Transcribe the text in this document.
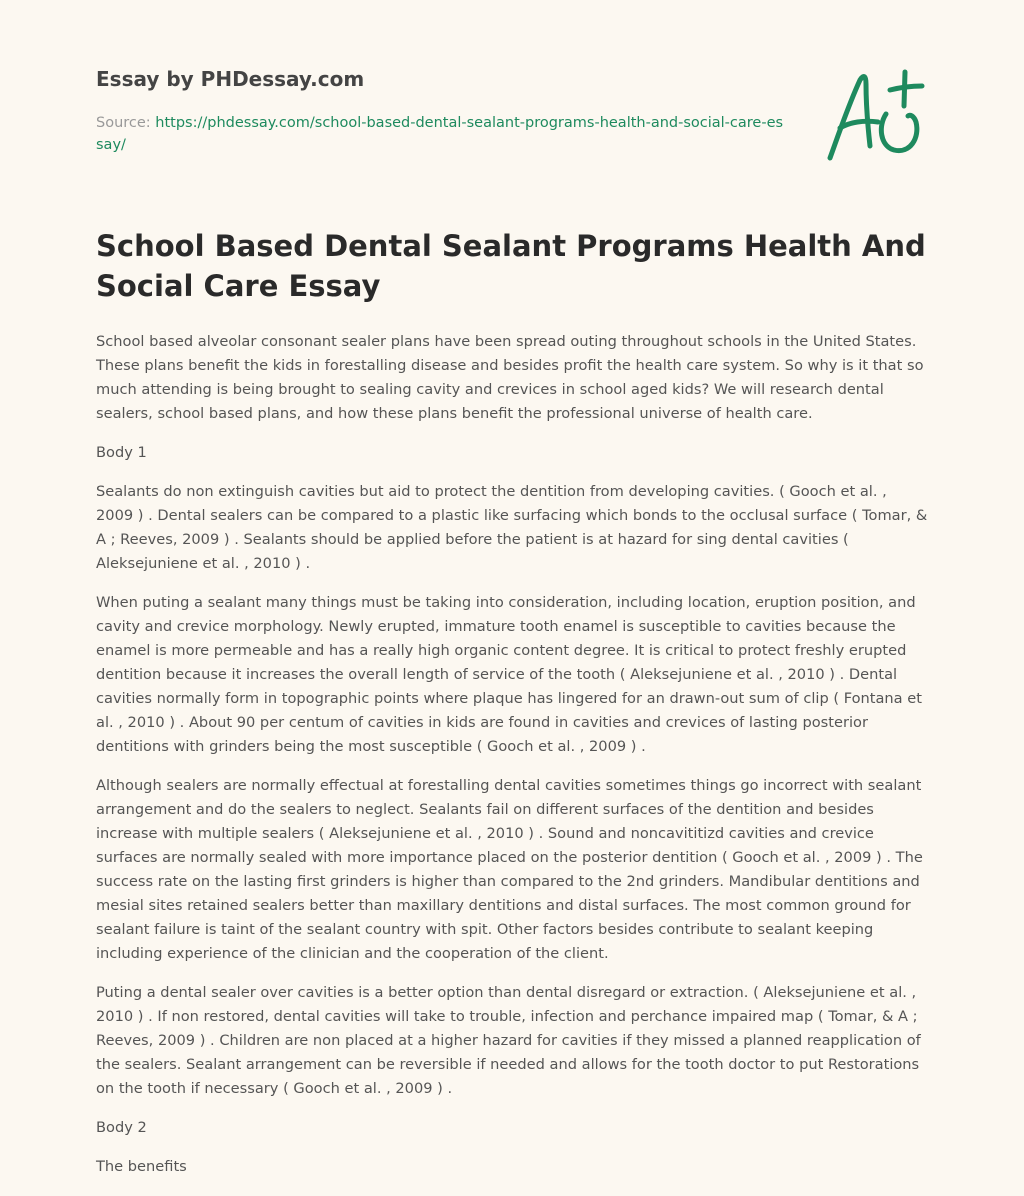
Essay by PHDessay.com
Source: https://phdessay.com/school-based-dental-sealant-programs-health-and-social-care-essay/
School Based Dental Sealant Programs Health And Social Care Essay

School based alveolar consonant sealer plans have been spread outing throughout schools in the United States. These plans benefit the kids in forestalling disease and besides profit the health care system. So why is it that so much attending is being brought to sealing cavity and crevices in school aged kids? We will research dental sealers, school based plans, and how these plans benefit the professional universe of health care.

Body 1

Sealants do non extinguish cavities but aid to protect the dentition from developing cavities. ( Gooch et al. , 2009 ) . Dental sealers can be compared to a plastic like surfacing which bonds to the occlusal surface ( Tomar, & A ; Reeves, 2009 ) . Sealants should be applied before the patient is at hazard for sing dental cavities ( Aleksejuniene et al. , 2010 ) .

When puting a sealant many things must be taking into consideration, including location, eruption position, and cavity and crevice morphology. Newly erupted, immature tooth enamel is susceptible to cavities because the enamel is more permeable and has a really high organic content degree. It is critical to protect freshly erupted dentition because it increases the overall length of service of the tooth ( Aleksejuniene et al. , 2010 ) . Dental cavities normally form in topographic points where plaque has lingered for an drawn-out sum of clip ( Fontana et al. , 2010 ) . About 90 per centum of cavities in kids are found in cavities and crevices of lasting posterior dentitions with grinders being the most susceptible ( Gooch et al. , 2009 ) .

Although sealers are normally effectual at forestalling dental cavities sometimes things go incorrect with sealant arrangement and do the sealers to neglect. Sealants fail on different surfaces of the dentition and besides increase with multiple sealers ( Aleksejuniene et al. , 2010 ) . Sound and noncavititizd cavities and crevice surfaces are normally sealed with more importance placed on the posterior dentition ( Gooch et al. , 2009 ) . The success rate on the lasting first grinders is higher than compared to the 2nd grinders. Mandibular dentitions and mesial sites retained sealers better than maxillary dentitions and distal surfaces. The most common ground for sealant failure is taint of the sealant country with spit. Other factors besides contribute to sealant keeping including experience of the clinician and the cooperation of the client.

Puting a dental sealer over cavities is a better option than dental disregard or extraction. ( Aleksejuniene et al. , 2010 ) . If non restored, dental cavities will take to trouble, infection and perchance impaired map ( Tomar, & A ; Reeves, 2009 ) . Children are non placed at a higher hazard for cavities if they missed a planned reapplication of the sealers. Sealant arrangement can be reversible if needed and allows for the tooth doctor to put Restorations on the tooth if necessary ( Gooch et al. , 2009 ) .

Body 2

The benefits
